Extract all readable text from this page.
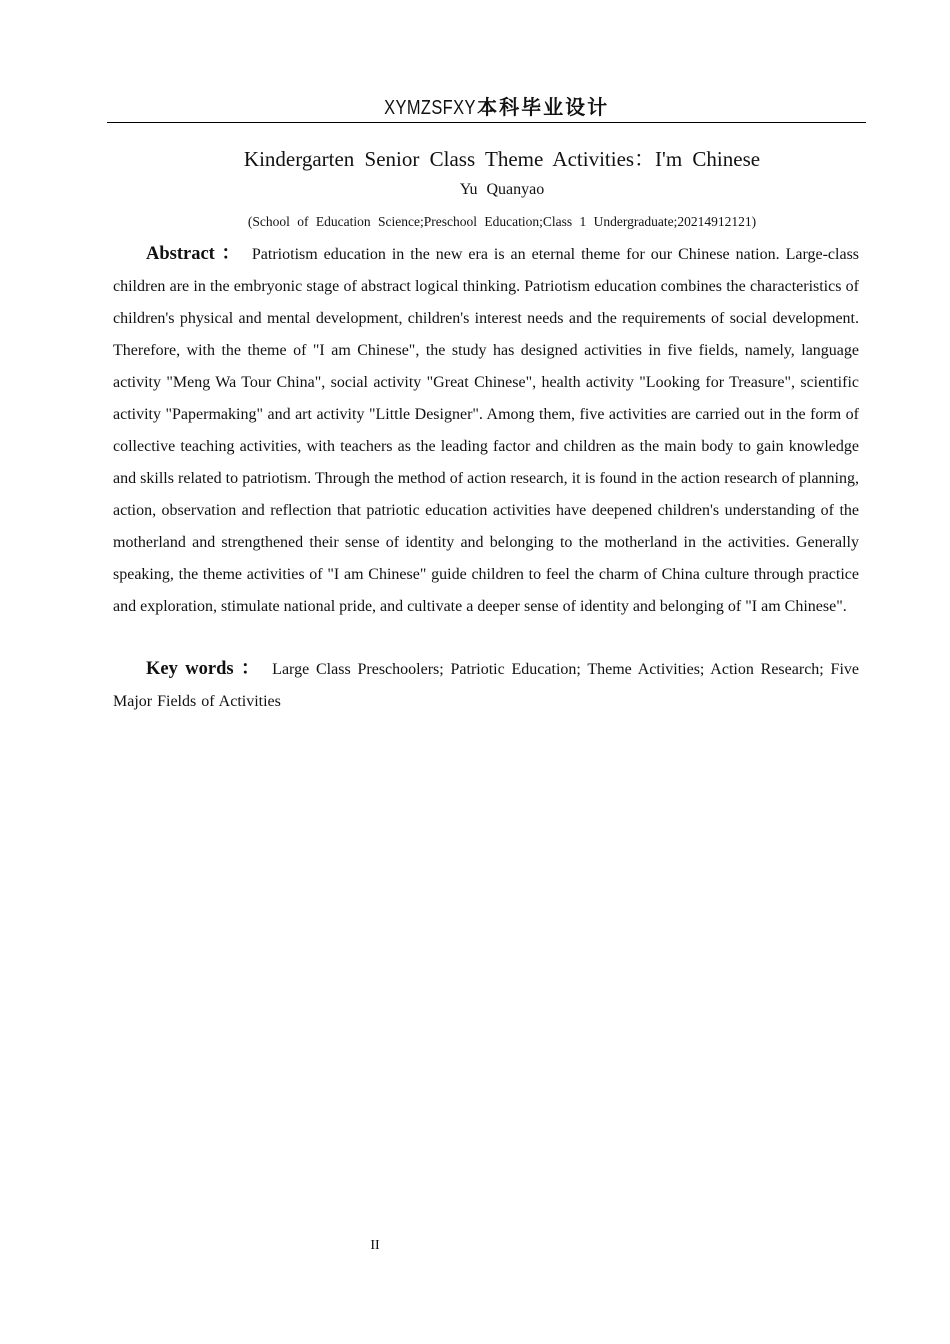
XYMZSFXY 本科毕业设计
Kindergarten Senior Class Theme Activities：I'm Chinese
Yu Quanyao
(School of Education Science;Preschool Education;Class 1 Undergraduate;20214912121)

Abstract ： Patriotism education in the new era is an eternal theme for our Chinese nation. Large-class children are in the embryonic stage of abstract logical thinking. Patriotism education combines the characteristics of children's physical and mental development, children's interest needs and the requirements of social development. Therefore, with the theme of "I am Chinese", the study has designed activities in five fields, namely, language activity "Meng Wa Tour China", social activity "Great Chinese", health activity "Looking for Treasure", scientific activity "Papermaking" and art activity "Little Designer". Among them, five activities are carried out in the form of collective teaching activities, with teachers as the leading factor and children as the main body to gain knowledge and skills related to patriotism. Through the method of action research, it is found in the action research of planning, action, observation and reflection that patriotic education activities have deepened children's understanding of the motherland and strengthened their sense of identity and belonging to the motherland in the activities. Generally speaking, the theme activities of "I am Chinese" guide children to feel the charm of China culture through practice and exploration, stimulate national pride, and cultivate a deeper sense of identity and belonging of "I am Chinese".

Key words ： Large Class Preschoolers; Patriotic Education; Theme Activities; Action Research; Five Major Fields of Activities

II
